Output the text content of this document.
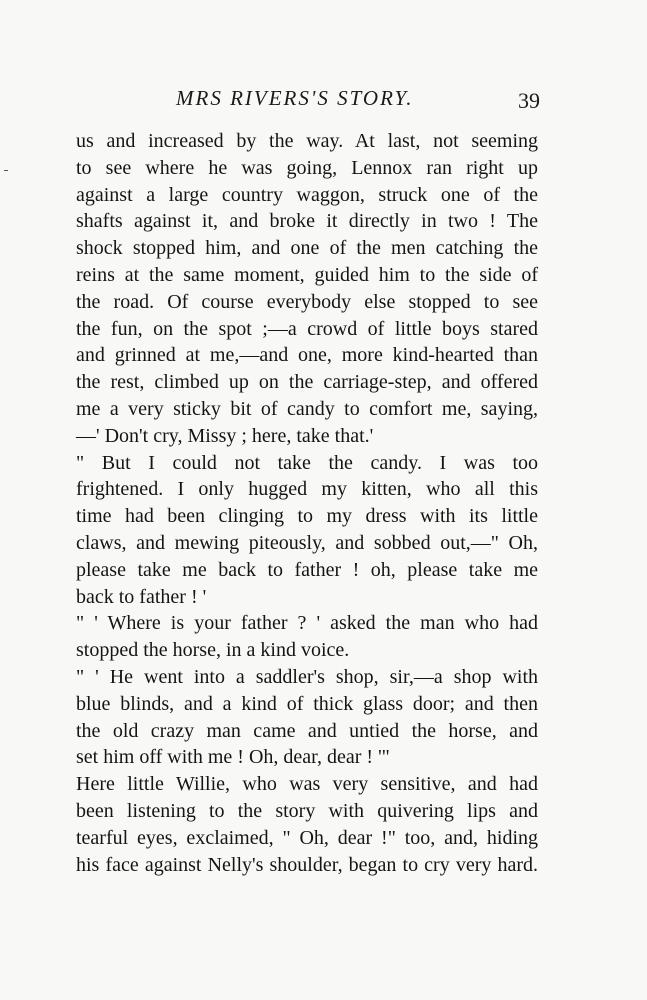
MRS RIVERS'S STORY.	39
us and increased by the way. At last, not seeming
to see where he was going, Lennox ran right up
against a large country waggon, struck one of the
shafts against it, and broke it directly in two ! The
shock stopped him, and one of the men catching the
reins at the same moment, guided him to the side of
the road. Of course everybody else stopped to see
the fun, on the spot ;—a crowd of little boys stared
and grinned at me,—and one, more kind-hearted than
the rest, climbed up on the carriage-step, and offered
me a very sticky bit of candy to comfort me, saying,
—' Don't cry, Missy ; here, take that.'
" But I could not take the candy. I was too
frightened. I only hugged my kitten, who all this
time had been clinging to my dress with its little
claws, and mewing piteously, and sobbed out,—" Oh,
please take me back to father ! oh, please take me
back to father ! '
" ' Where is your father ? ' asked the man who had
stopped the horse, in a kind voice.
" ' He went into a saddler's shop, sir,—a shop with
blue blinds, and a kind of thick glass door; and then
the old crazy man came and untied the horse, and
set him off with me ! Oh, dear, dear ! '"
Here little Willie, who was very sensitive, and had
been listening to the story with quivering lips and
tearful eyes, exclaimed, " Oh, dear !" too, and, hiding
his face against Nelly's shoulder, began to cry very hard.
